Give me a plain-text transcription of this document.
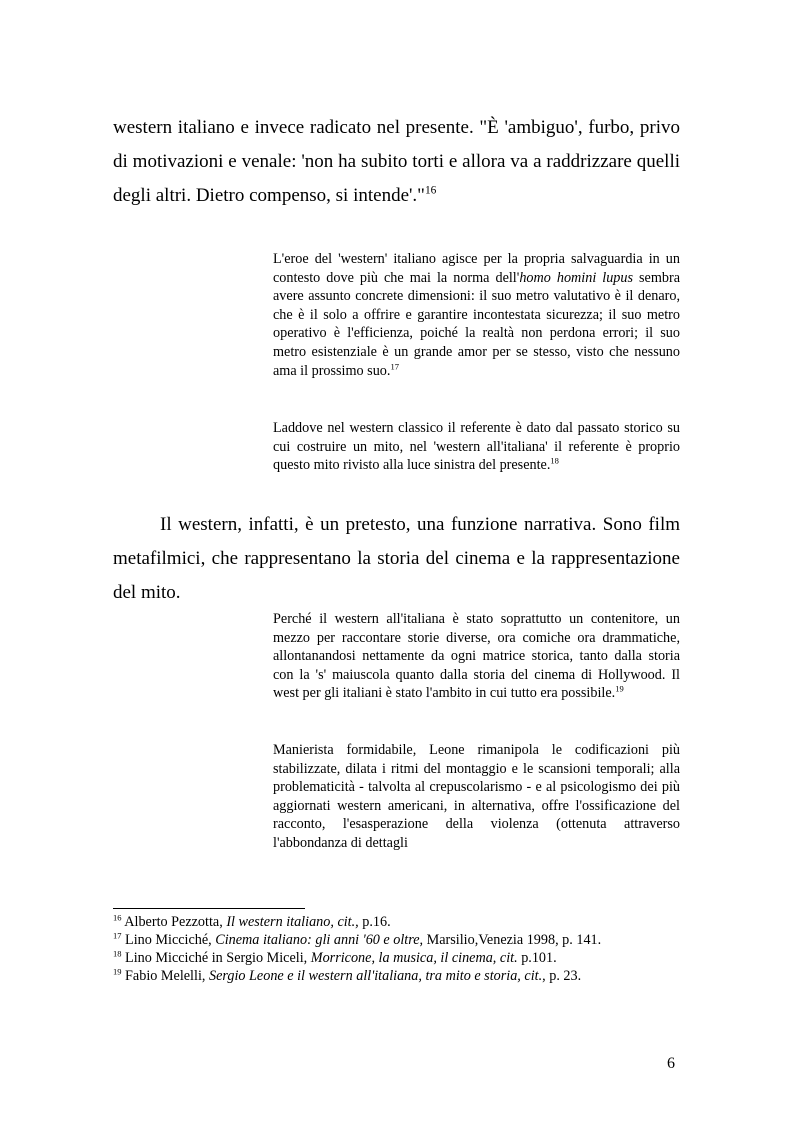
western italiano e invece radicato nel presente. "È 'ambiguo', furbo, privo di motivazioni e venale: 'non ha subito torti e allora va a raddrizzare quelli degli altri. Dietro compenso, si intende'."$^{16}$

L'eroe del 'western' italiano agisce per la propria salvaguardia in un contesto dove più che mai la norma dell'homo homini lupus sembra avere assunto concrete dimensioni: il suo metro valutativo è il denaro, che è il solo a offrire e garantire incontestata sicurezza; il suo metro operativo è l'efficienza, poiché la realtà non perdona errori; il suo metro esistenziale è un grande amor per se stesso, visto che nessuno ama il prossimo suo.$^{17}$

Laddove nel western classico il referente è dato dal passato storico su cui costruire un mito, nel 'western all'italiana' il referente è proprio questo mito rivisto alla luce sinistra del presente.$^{18}$

Il western, infatti, è un pretesto, una funzione narrativa. Sono film metafilmici, che rappresentano la storia del cinema e la rappresentazione del mito.

Perché il western all'italiana è stato soprattutto un contenitore, un mezzo per raccontare storie diverse, ora comiche ora drammatiche, allontanandosi nettamente da ogni matrice storica, tanto dalla storia con la 's' maiuscola quanto dalla storia del cinema di Hollywood. Il west per gli italiani è stato l'ambito in cui tutto era possibile.$^{19}$

Manierista formidabile, Leone rimanipola le codificazioni più stabilizzate, dilata i ritmi del montaggio e le scansioni temporali; alla problematicità - talvolta al crepuscolarismo - e al psicologismo dei più aggiornati western americani, in alternativa, offre l'ossificazione del racconto, l'esasperazione della violenza (ottenuta attraverso l'abbondanza di dettagli

$^{16}$ Alberto Pezzotta, Il western italiano, cit., p.16.
$^{17}$ Lino Micciché, Cinema italiano: gli anni '60 e oltre, Marsilio,Venezia 1998, p. 141.
$^{18}$ Lino Micciché in Sergio Miceli, Morricone, la musica, il cinema, cit. p.101.
$^{19}$ Fabio Melelli, Sergio Leone e il western all'italiana, tra mito e storia, cit., p. 23.
6
